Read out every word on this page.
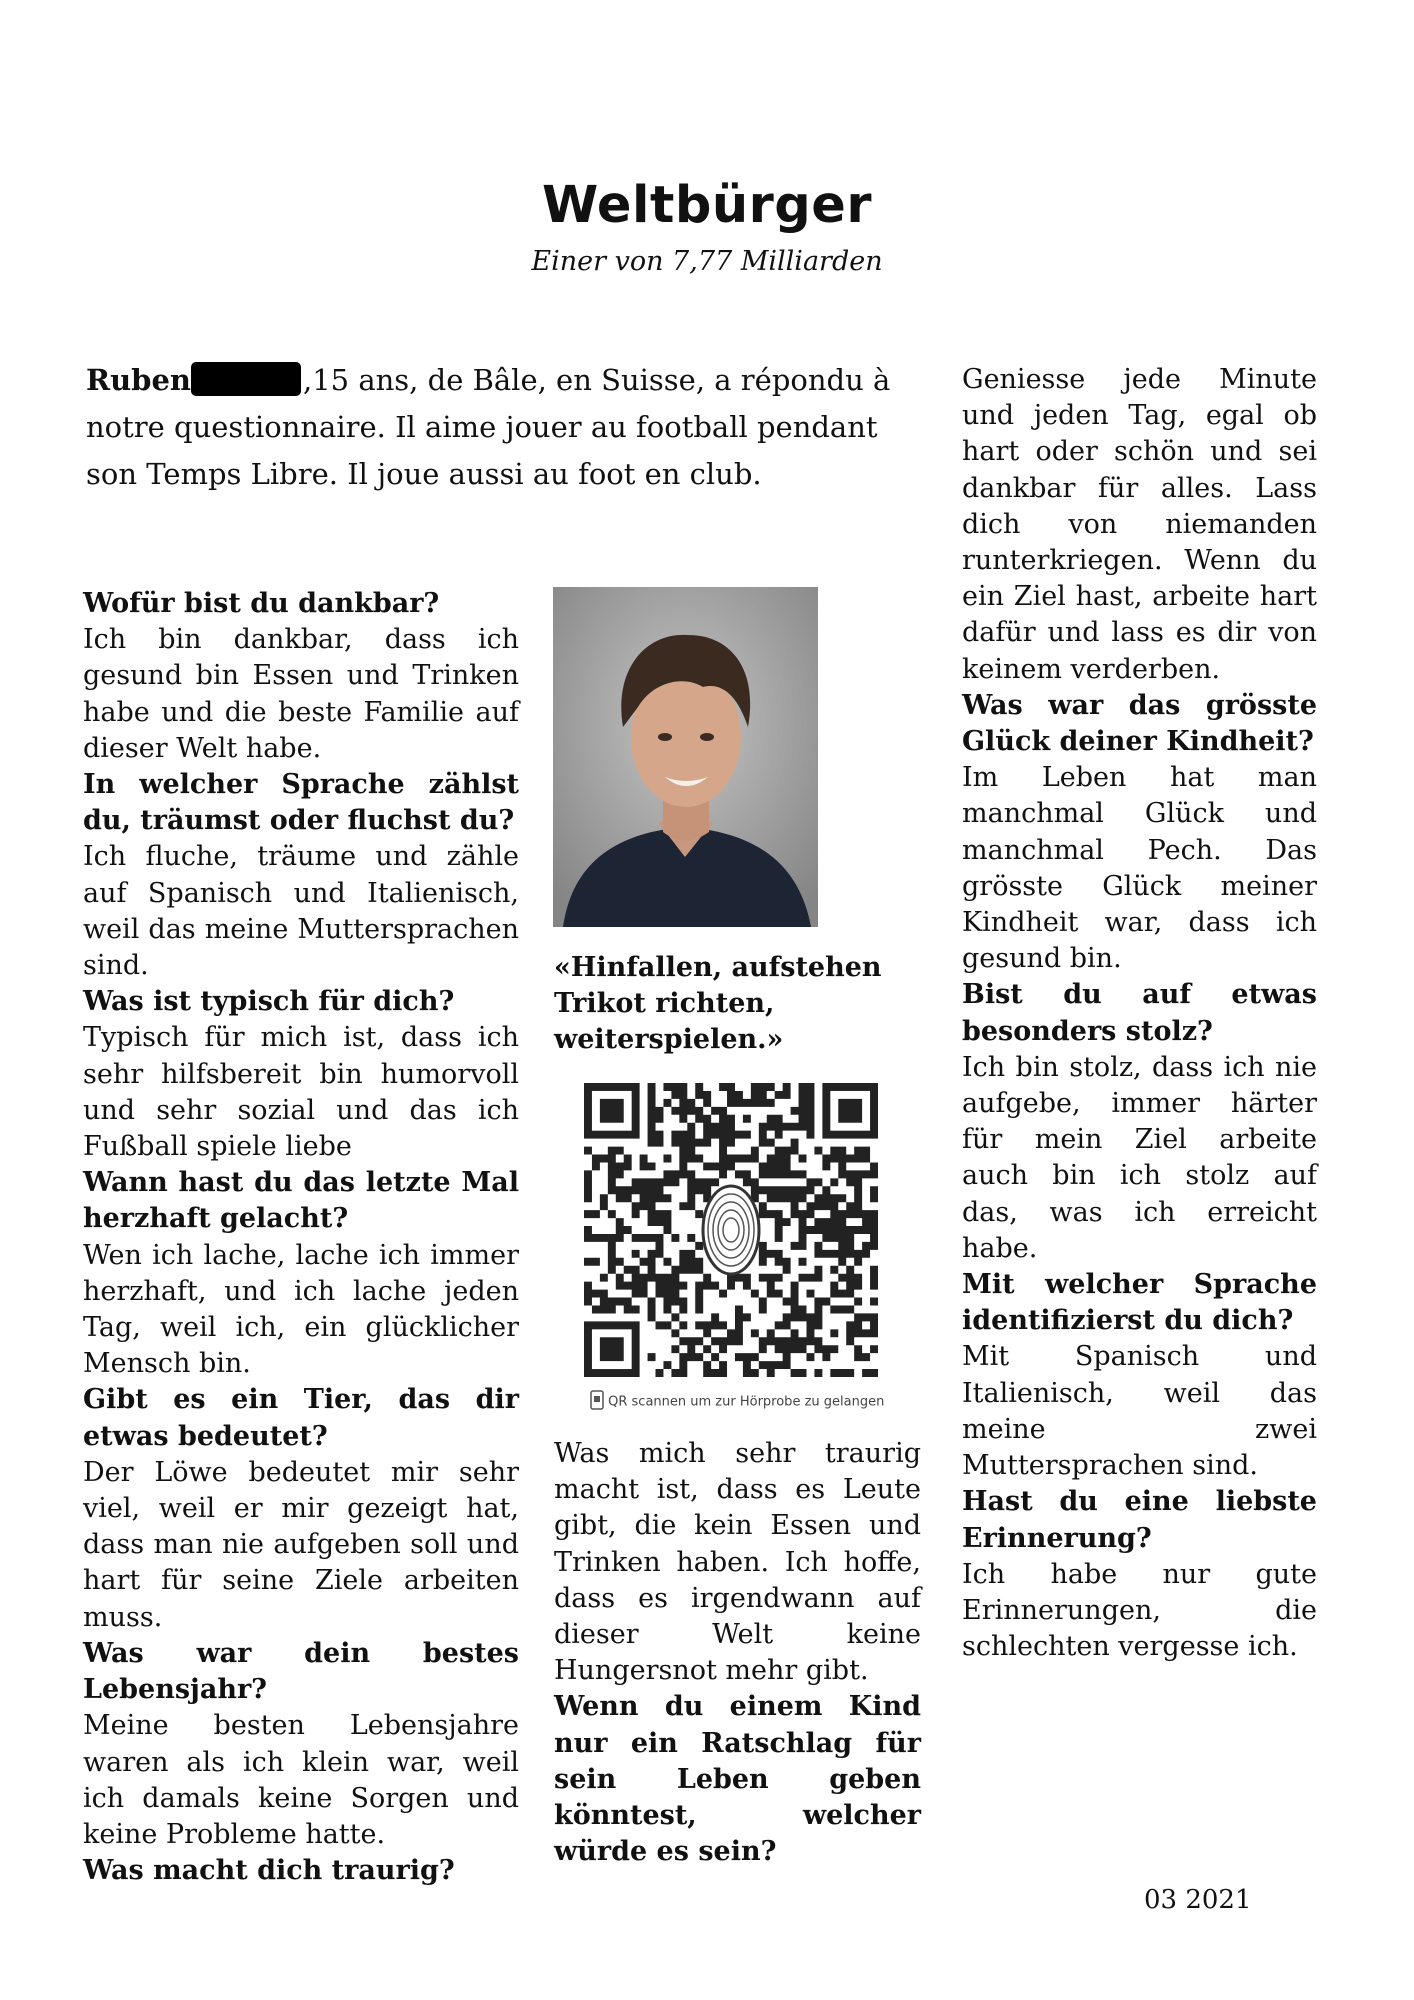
Weltbürger

Einer von 7,77 Milliarden

Ruben	,15 ans, de Bâle, en Suisse, a répondu à notre questionnaire. Il aime jouer au football pendant son Temps Libre. Il joue aussi au foot en club.

Wofür bist du dankbar?

Ich bin dankbar, dass ich gesund bin Essen und Trinken habe und die beste Familie auf dieser Welt habe.

In welcher Sprache zählst du, träumst oder fluchst du?

Ich fluche, träume und zähle auf Spanisch und Italienisch, weil das meine Muttersprachen sind.

Was ist typisch für dich?

Typisch für mich ist, dass ich sehr hilfsbereit bin humorvoll und sehr sozial und das ich Fußball spiele liebe

Wann hast du das letzte Mal herzhaft gelacht?

Wen ich lache, lache ich immer herzhaft, und ich lache jeden Tag, weil ich, ein glücklicher Mensch bin.

Gibt es ein Tier, das dir etwas bedeutet?

Der Löwe bedeutet mir sehr viel, weil er mir gezeigt hat, dass man nie aufgeben soll und hart für seine Ziele arbeiten muss.

Was war dein bestes Lebensjahr?

Meine besten Lebensjahre waren als ich klein war, weil ich damals keine Sorgen und keine Probleme hatte.

Was macht dich traurig?

«Hinfallen, aufstehen Trikot richten, weiterspielen.»

QR scannen um zur Hörprobe zu gelangen

Was mich sehr traurig macht ist, dass es Leute gibt, die kein Essen und Trinken haben. Ich hoffe, dass es irgendwann auf dieser Welt keine Hungersnot mehr gibt.

Wenn du einem Kind nur ein Ratschlag für sein Leben geben könntest, welcher würde es sein?

Geniesse jede Minute und jeden Tag, egal ob hart oder schön und sei dankbar für alles. Lass dich von niemanden runterkriegen. Wenn du ein Ziel hast, arbeite hart dafür und lass es dir von keinem verderben.

Was war das grösste Glück deiner Kindheit?

Im Leben hat man manchmal Glück und manchmal Pech. Das grösste Glück meiner Kindheit war, dass ich gesund bin.

Bist du auf etwas besonders stolz?

Ich bin stolz, dass ich nie aufgebe, immer härter für mein Ziel arbeite auch bin ich stolz auf das, was ich erreicht habe.

Mit welcher Sprache identifizierst du dich?

Mit Spanisch und Italienisch, weil das meine zwei Muttersprachen sind.

Hast du eine liebste Erinnerung?

Ich habe nur gute Erinnerungen, die schlechten vergesse ich.

03 2021
